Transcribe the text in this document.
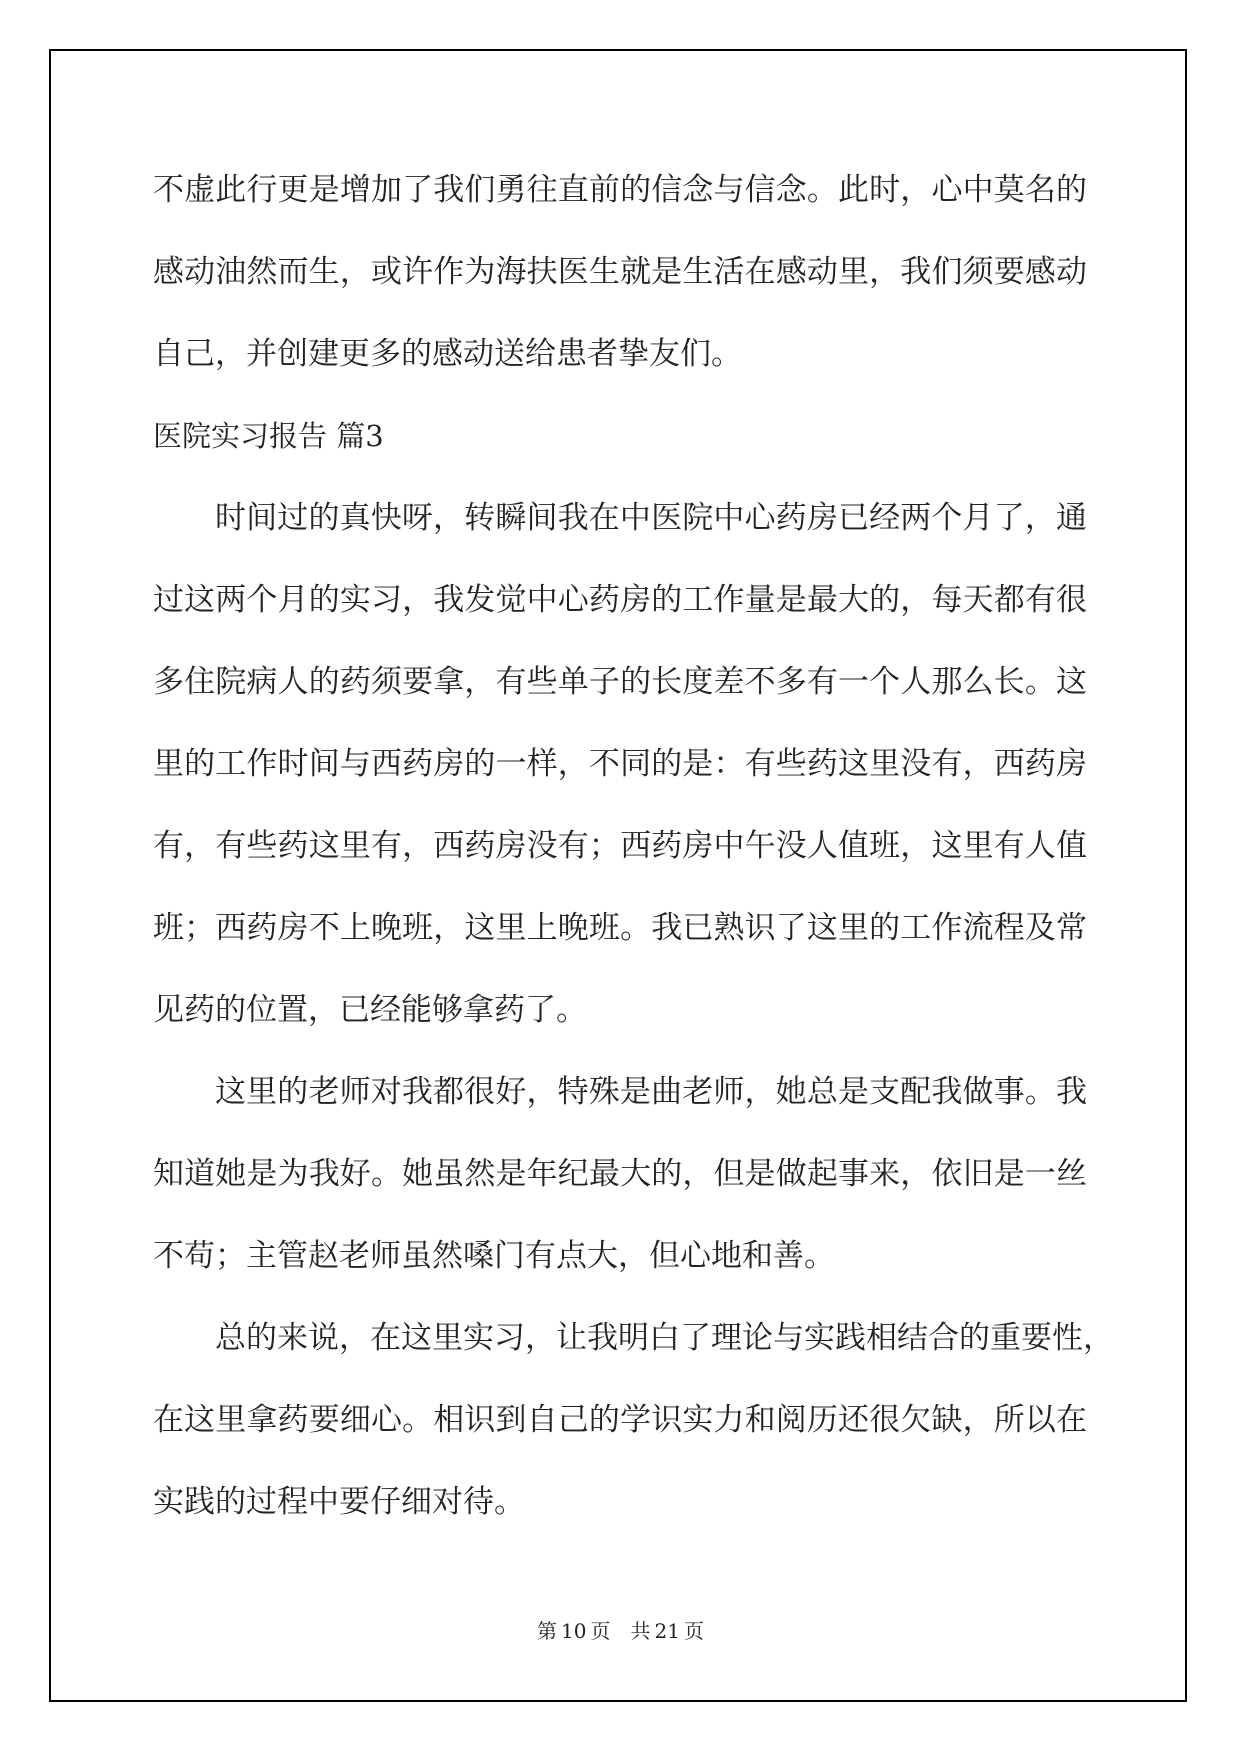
不虚此行更是增加了我们勇往直前的信念与信念。此时，心中莫名的
感动油然而生，或许作为海扶医生就是生活在感动里，我们须要感动
自己，并创建更多的感动送给患者挚友们。
医院实习报告 篇3
时间过的真快呀，转瞬间我在中医院中心药房已经两个月了，通
过这两个月的实习，我发觉中心药房的工作量是最大的，每天都有很
多住院病人的药须要拿，有些单子的长度差不多有一个人那么长。这
里的工作时间与西药房的一样，不同的是：有些药这里没有，西药房
有，有些药这里有，西药房没有；西药房中午没人值班，这里有人值
班；西药房不上晚班，这里上晚班。我已熟识了这里的工作流程及常
见药的位置，已经能够拿药了。
这里的老师对我都很好，特殊是曲老师，她总是支配我做事。我
知道她是为我好。她虽然是年纪最大的，但是做起事来，依旧是一丝
不苟；主管赵老师虽然嗓门有点大，但心地和善。
总的来说，在这里实习，让我明白了理论与实践相结合的重要性，
在这里拿药要细心。相识到自己的学识实力和阅历还很欠缺，所以在
实践的过程中要仔细对待。
第 10 页　共 21 页
